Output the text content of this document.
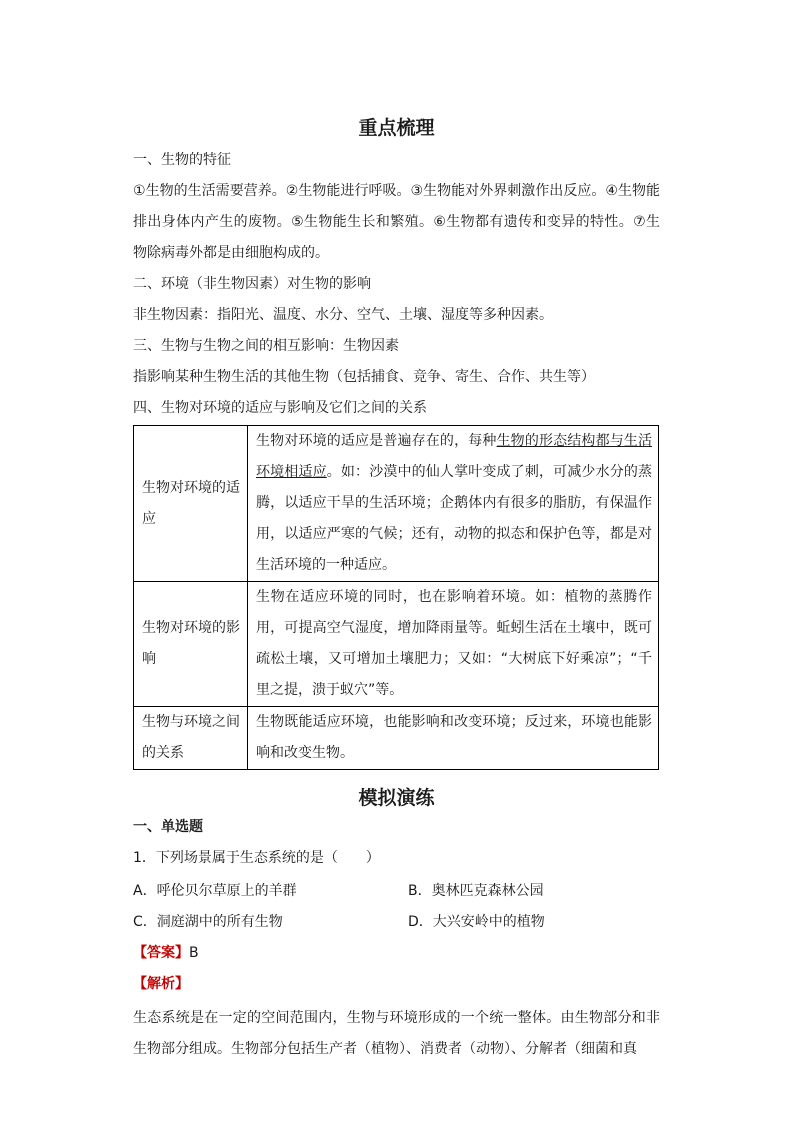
重点梳理
一、生物的特征
①生物的生活需要营养。②生物能进行呼吸。③生物能对外界刺激作出反应。④生物能排出身体内产生的废物。⑤生物能生长和繁殖。⑥生物都有遗传和变异的特性。⑦生物除病毒外都是由细胞构成的。
二、环境（非生物因素）对生物的影响
非生物因素：指阳光、温度、水分、空气、土壤、湿度等多种因素。
三、生物与生物之间的相互影响：生物因素
指影响某种生物生活的其他生物（包括捕食、竞争、寄生、合作、共生等）
四、生物对环境的适应与影响及它们之间的关系
生物对环境的适应	生物对环境的适应是普遍存在的，每种生物的形态结构都与生活环境相适应。如：沙漠中的仙人掌叶变成了刺，可减少水分的蒸腾，以适应干旱的生活环境；企鹅体内有很多的脂肪，有保温作用，以适应严寒的气候；还有，动物的拟态和保护色等，都是对生活环境的一种适应。
生物对环境的影响	生物在适应环境的同时，也在影响着环境。如：植物的蒸腾作用，可提高空气湿度，增加降雨量等。蚯蚓生活在土壤中，既可疏松土壤，又可增加土壤肥力；又如：“大树底下好乘凉”；“千里之提，溃于蚁穴”等。
生物与环境之间的关系	生物既能适应环境，也能影响和改变环境；反过来，环境也能影响和改变生物。
模拟演练
一、单选题
1．下列场景属于生态系统的是（　　）
A．呼伦贝尔草原上的羊群	B．奥林匹克森林公园
C．洞庭湖中的所有生物	D．大兴安岭中的植物
【答案】B
【解析】
生态系统是在一定的空间范围内，生物与环境形成的一个统一整体。由生物部分和非生物部分组成。生物部分包括生产者（植物）、消费者（动物）、分解者（细菌和真
